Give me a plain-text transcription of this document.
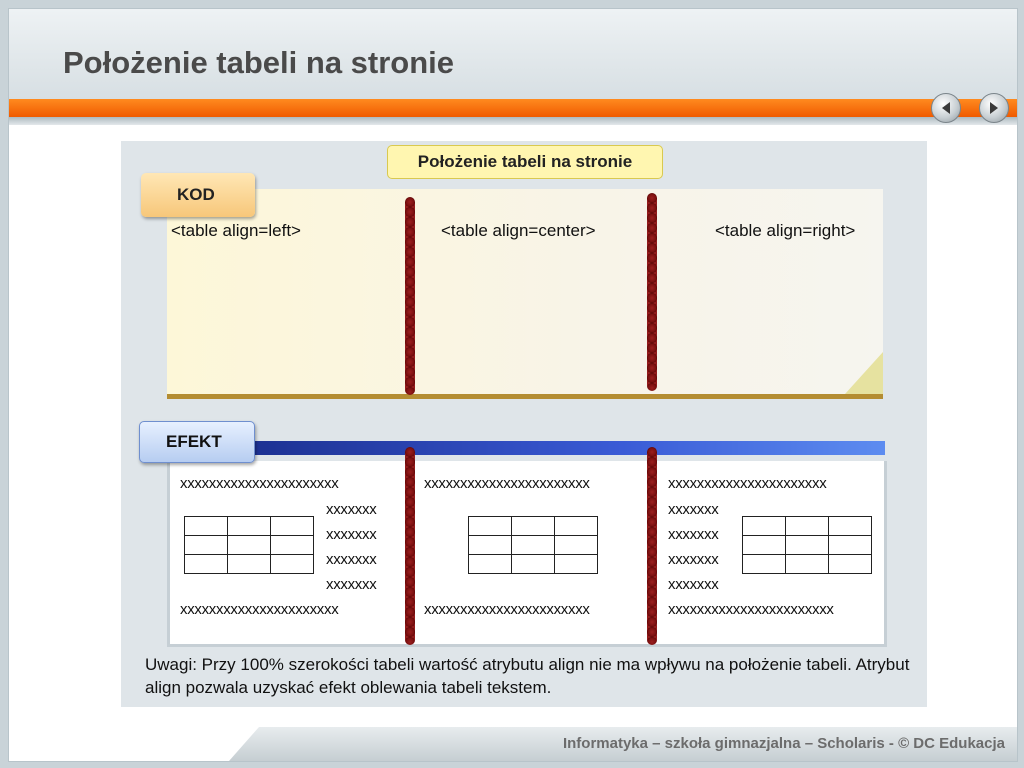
Położenie tabeli na stronie
Położenie tabeli na stronie
<table align=left>	<table align=center>	<table align=right>
KOD
xxxxxxxxxxxxxxxxxxxxxx
xxxxxxx
xxxxxxx
xxxxxxx
xxxxxxx

xxxxxxxxxxxxxxxxxxxxxx
xxxxxxxxxxxxxxxxxxxxxxx

xxxxxxxxxxxxxxxxxxxxxxx
xxxxxxxxxxxxxxxxxxxxxx
xxxxxxx
xxxxxxx
xxxxxxx
xxxxxxx

xxxxxxxxxxxxxxxxxxxxxxx
EFEKT
Uwagi: Przy 100% szerokości tabeli wartość atrybutu align nie ma wpływu na położenie tabeli. Atrybut align pozwala uzyskać efekt oblewania tabeli tekstem.
Informatyka – szkoła gimnazjalna – Scholaris - © DC Edukacja
